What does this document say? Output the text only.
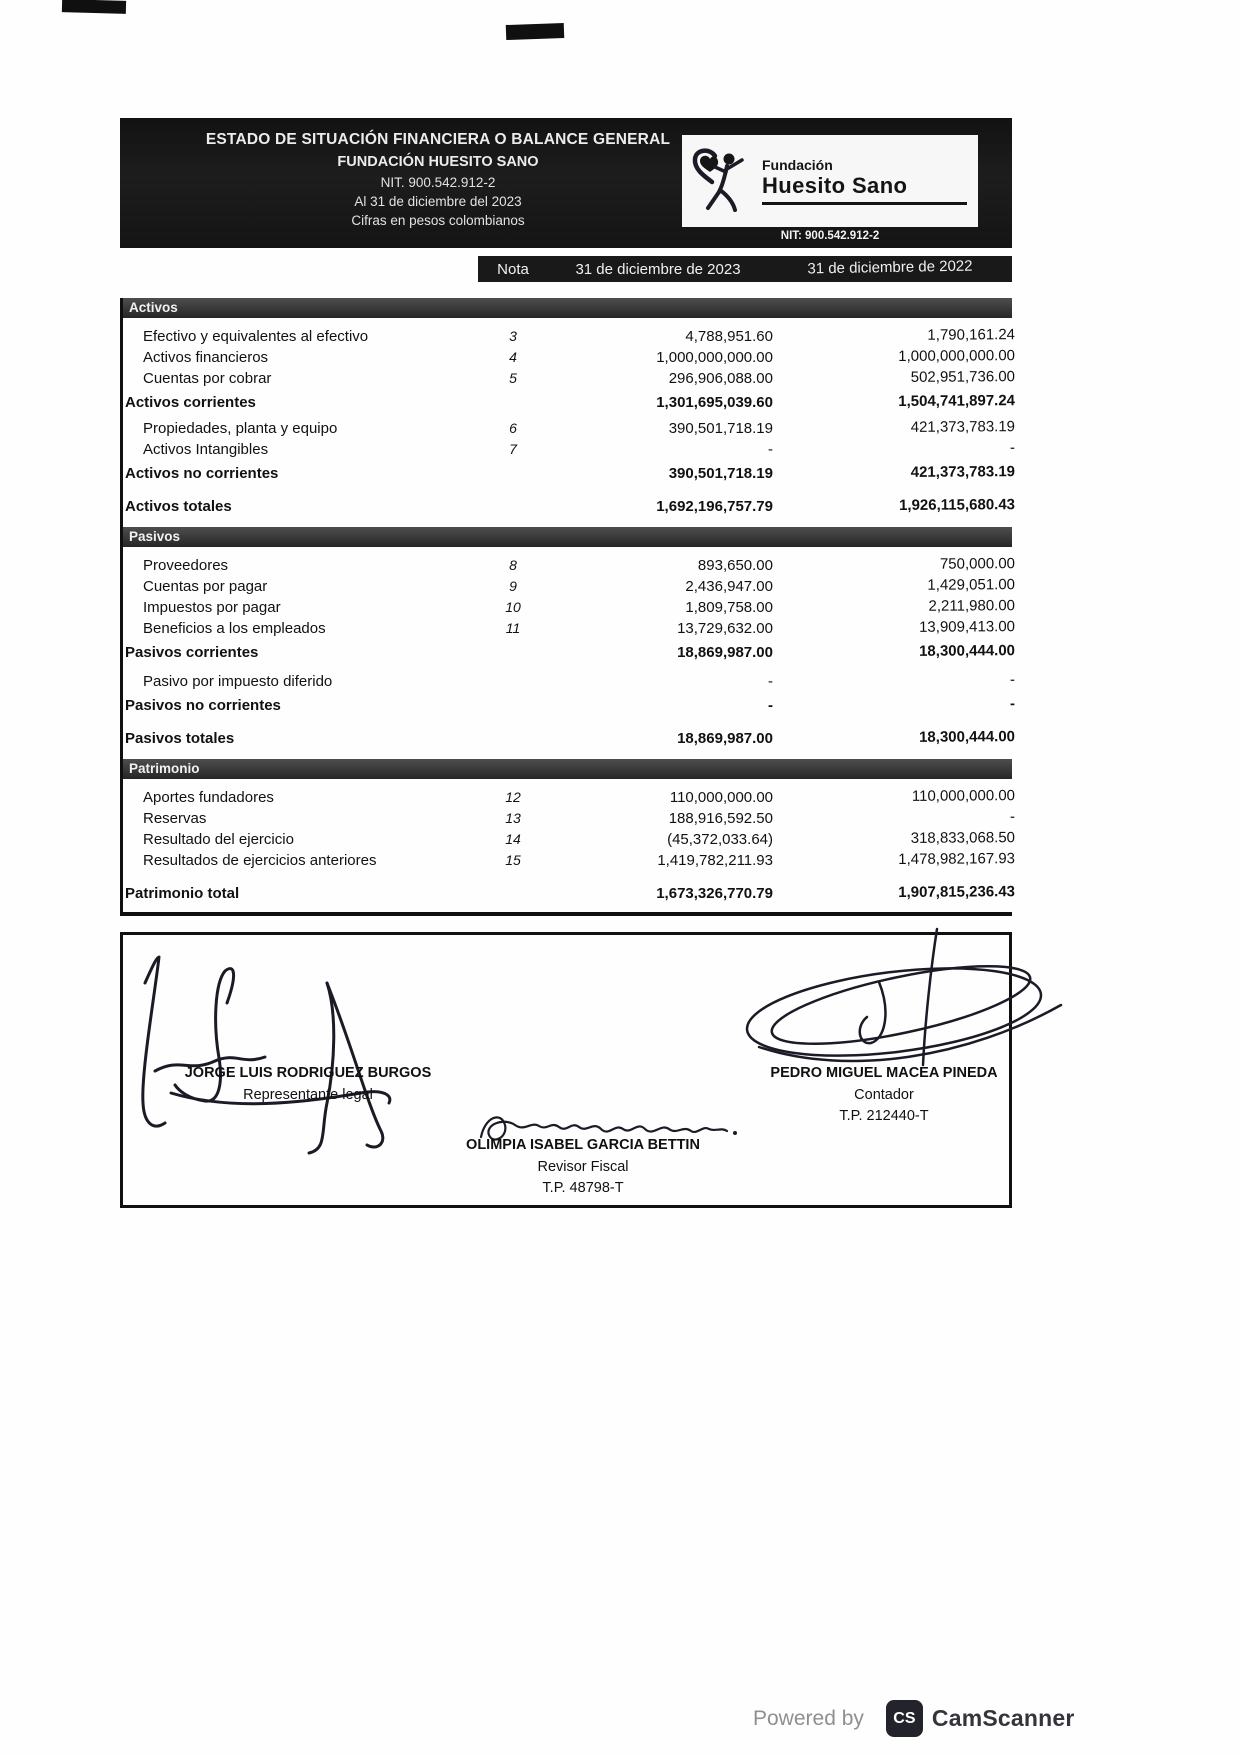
ESTADO DE SITUACIÓN FINANCIERA O BALANCE GENERAL
FUNDACIÓN HUESITO SANO
NIT. 900.542.912-2
Al 31 de diciembre del 2023
Cifras en pesos colombianos
Fundación
Huesito Sano
NIT: 900.542.912-2
Nota	31 de diciembre de 2023	31 de diciembre de 2022
Activos
Efectivo y equivalentes al efectivo	3	4,788,951.60	1,790,161.24
Activos financieros	4	1,000,000,000.00	1,000,000,000.00
Cuentas por cobrar	5	296,906,088.00	502,951,736.00
Activos corrientes	1,301,695,039.60	1,504,741,897.24
Propiedades, planta y equipo	6	390,501,718.19	421,373,783.19
Activos Intangibles	7	-	-
Activos no corrientes	390,501,718.19	421,373,783.19
Activos totales	1,692,196,757.79	1,926,115,680.43
Pasivos
Proveedores	8	893,650.00	750,000.00
Cuentas por pagar	9	2,436,947.00	1,429,051.00
Impuestos por pagar	10	1,809,758.00	2,211,980.00
Beneficios a los empleados	11	13,729,632.00	13,909,413.00
Pasivos corrientes	18,869,987.00	18,300,444.00
Pasivo por impuesto diferido	-	-
Pasivos no corrientes	-	-
Pasivos totales	18,869,987.00	18,300,444.00
Patrimonio
Aportes fundadores	12	110,000,000.00	110,000,000.00
Reservas	13	188,916,592.50	-
Resultado del ejercicio	14	(45,372,033.64)	318,833,068.50
Resultados de ejercicios anteriores	15	1,419,782,211.93	1,478,982,167.93
Patrimonio total	1,673,326,770.79	1,907,815,236.43
JORGE LUIS RODRIGUEZ BURGOS
Representante legal
PEDRO MIGUEL MACEA PINEDA
Contador
T.P. 212440-T
OLIMPIA ISABEL GARCIA BETTIN
Revisor Fiscal
T.P. 48798-T
Powered by	CS CamScanner
